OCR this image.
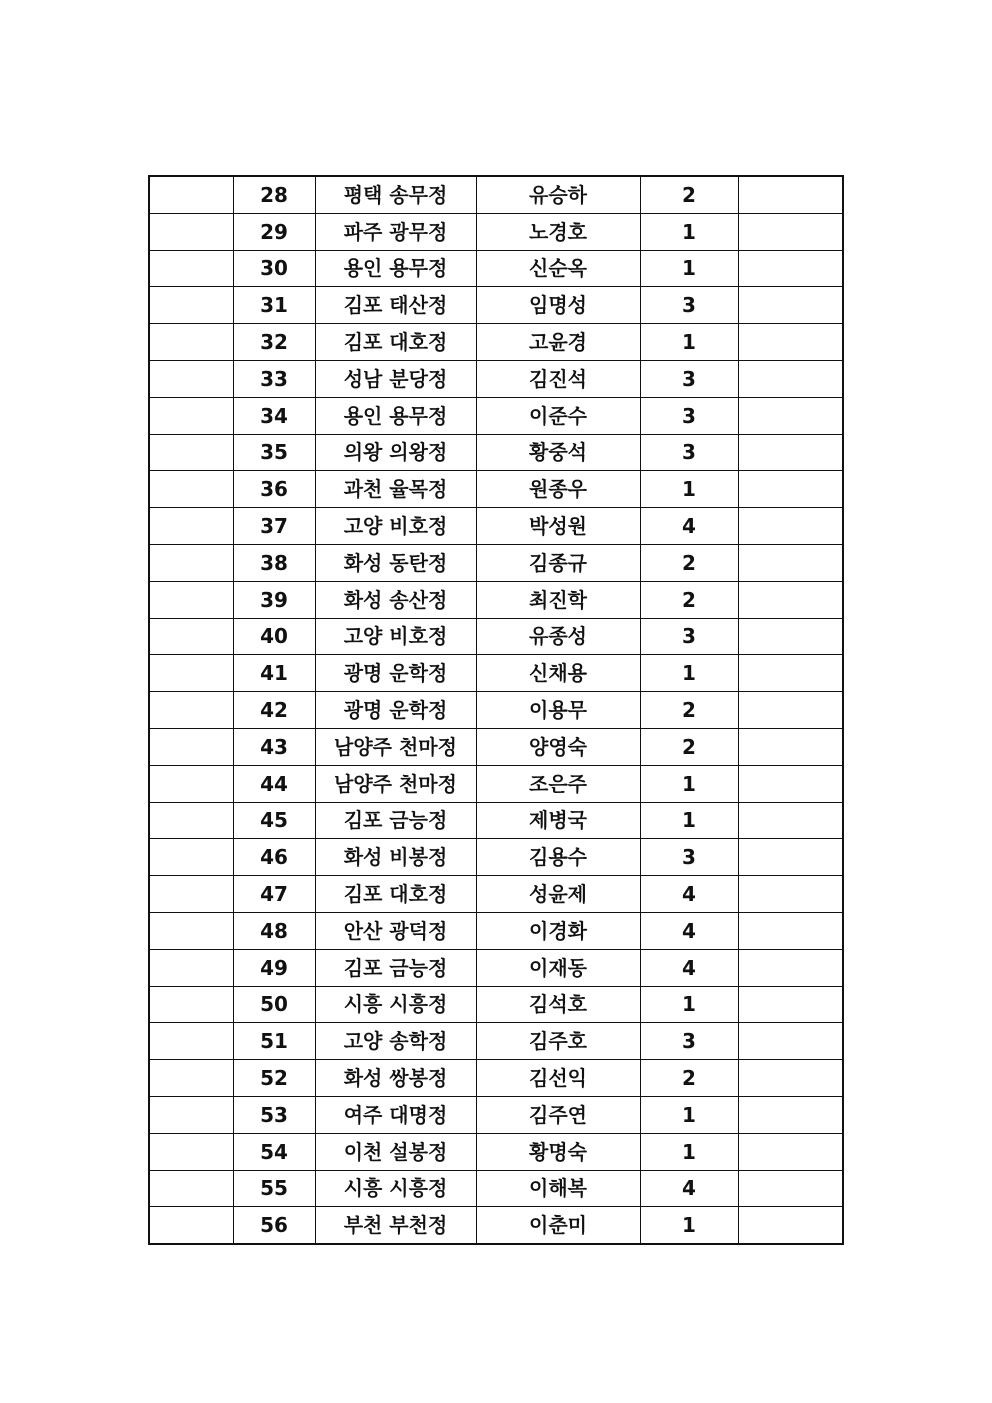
	28	평택 송무정	유승하	2	
	29	파주 광무정	노경호	1	
	30	용인 용무정	신순옥	1	
	31	김포 태산정	임명성	3	
	32	김포 대호정	고윤경	1	
	33	성남 분당정	김진석	3	
	34	용인 용무정	이준수	3	
	35	의왕 의왕정	황중석	3	
	36	과천 율목정	원종우	1	
	37	고양 비호정	박성원	4	
	38	화성 동탄정	김종규	2	
	39	화성 송산정	최진학	2	
	40	고양 비호정	유종성	3	
	41	광명 운학정	신채용	1	
	42	광명 운학정	이용무	2	
	43	남양주 천마정	양영숙	2	
	44	남양주 천마정	조은주	1	
	45	김포 금능정	제병국	1	
	46	화성 비봉정	김용수	3	
	47	김포 대호정	성윤제	4	
	48	안산 광덕정	이경화	4	
	49	김포 금능정	이재동	4	
	50	시흥 시흥정	김석호	1	
	51	고양 송학정	김주호	3	
	52	화성 쌍봉정	김선익	2	
	53	여주 대명정	김주연	1	
	54	이천 설봉정	황명숙	1	
	55	시흥 시흥정	이해복	4	
	56	부천 부천정	이춘미	1	
